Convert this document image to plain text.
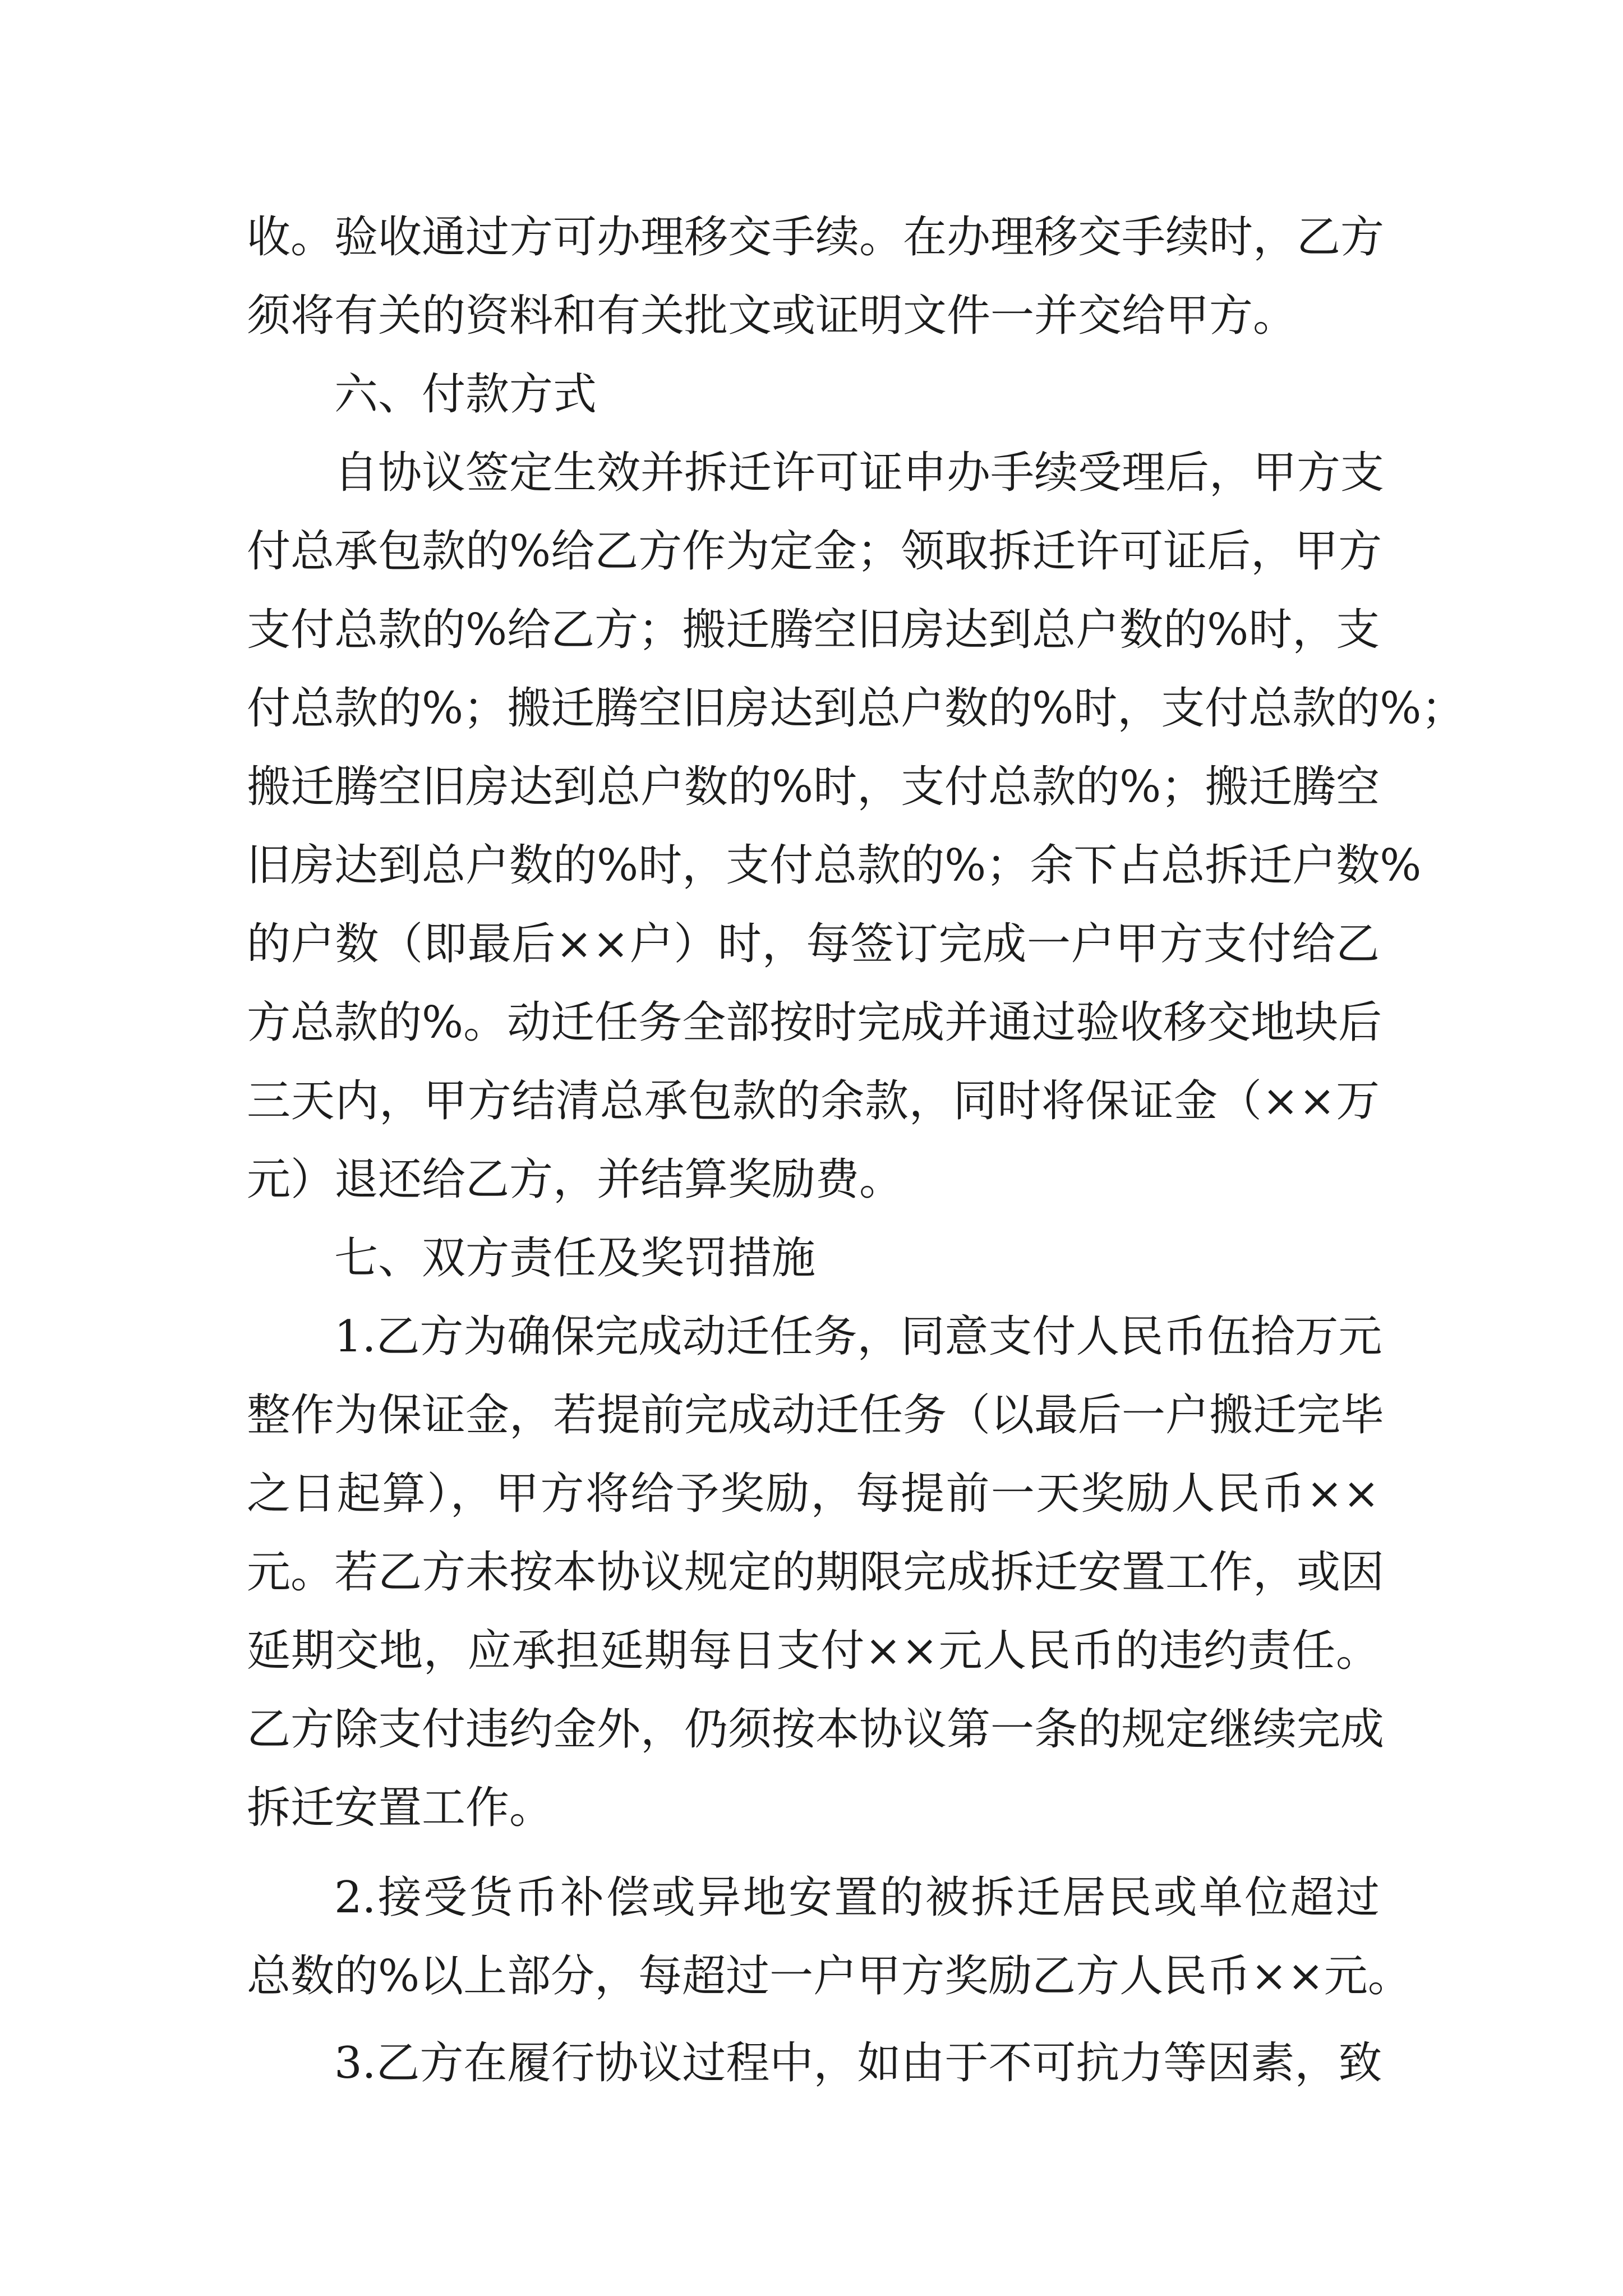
收。验收通过方可办理移交手续。在办理移交手续时，乙方

须将有关的资料和有关批文或证明文件一并交给甲方。

六、付款方式

自协议签定生效并拆迁许可证申办手续受理后，甲方支

付总承包款的%给乙方作为定金；领取拆迁许可证后，甲方

支付总款的%给乙方；搬迁腾空旧房达到总户数的%时，支

付总款的%；搬迁腾空旧房达到总户数的%时，支付总款的%；

搬迁腾空旧房达到总户数的%时，支付总款的%；搬迁腾空

旧房达到总户数的%时，支付总款的%；余下占总拆迁户数%

的户数（即最后××户）时，每签订完成一户甲方支付给乙

方总款的%。动迁任务全部按时完成并通过验收移交地块后

三天内，甲方结清总承包款的余款，同时将保证金（××万

元）退还给乙方，并结算奖励费。

七、双方责任及奖罚措施

1.乙方为确保完成动迁任务，同意支付人民币伍拾万元

整作为保证金，若提前完成动迁任务（以最后一户搬迁完毕

之日起算），甲方将给予奖励，每提前一天奖励人民币××

元。若乙方未按本协议规定的期限完成拆迁安置工作，或因

延期交地，应承担延期每日支付××元人民币的违约责任。

乙方除支付违约金外，仍须按本协议第一条的规定继续完成

拆迁安置工作。

2.接受货币补偿或异地安置的被拆迁居民或单位超过

总数的%以上部分，每超过一户甲方奖励乙方人民币××元。

3.乙方在履行协议过程中，如由于不可抗力等因素，致
